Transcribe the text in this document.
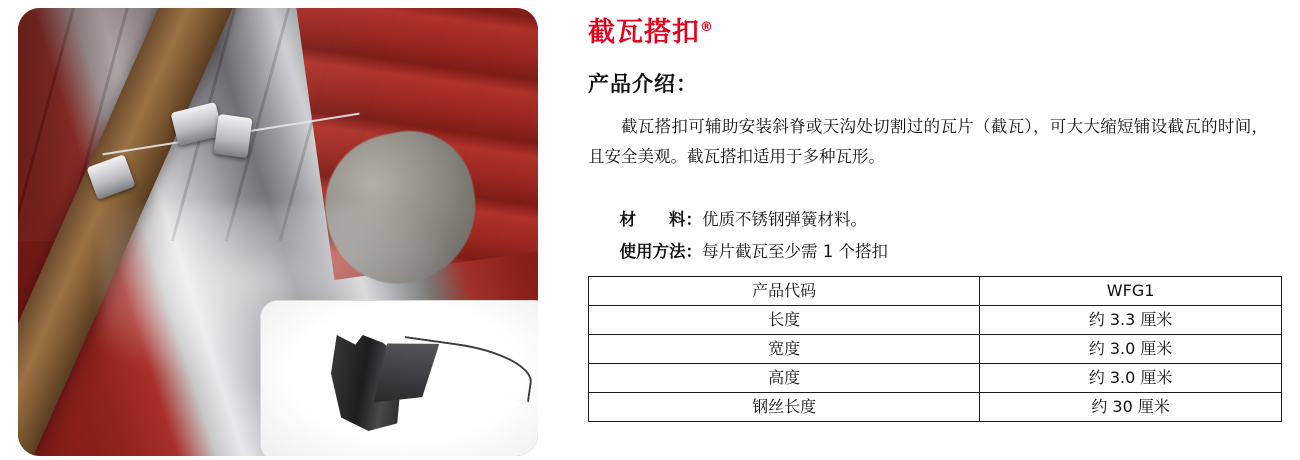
截瓦搭扣®
产品介绍：
截瓦搭扣可辅助安装斜脊或天沟处切割过的瓦片（截瓦），可大大缩短铺设截瓦的时间，且安全美观。截瓦搭扣适用于多种瓦形。

材　　料：优质不锈钢弹簧材料。

使用方法：每片截瓦至少需 1 个搭扣

产品代码	WFG1
长度	约 3.3 厘米
宽度	约 3.0 厘米
高度	约 3.0 厘米
钢丝长度	约 30 厘米
